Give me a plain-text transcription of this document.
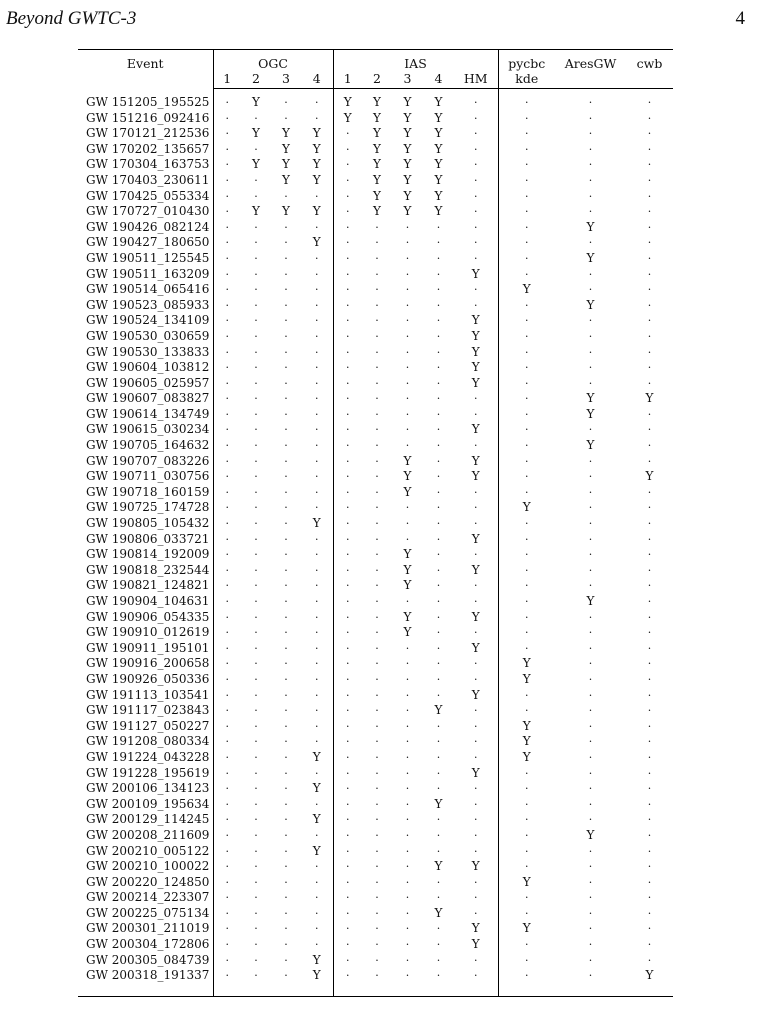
Beyond GWTC-3	4
Event	OGC				IAS					pycbc	AresGW	cwb
	1	2	3	4	1	2	3	4	HM	kde		

GW 151205_195525	·	Y	·	·	Y	Y	Y	Y	·	·	·	·
GW 151216_092416	·	·	·	·	Y	Y	Y	Y	·	·	·	·
GW 170121_212536	·	Y	Y	Y	·	Y	Y	Y	·	·	·	·
GW 170202_135657	·	·	Y	Y	·	Y	Y	Y	·	·	·	·
GW 170304_163753	·	Y	Y	Y	·	Y	Y	Y	·	·	·	·
GW 170403_230611	·	·	Y	Y	·	Y	Y	Y	·	·	·	·
GW 170425_055334	·	·	·	·	·	Y	Y	Y	·	·	·	·
GW 170727_010430	·	Y	Y	Y	·	Y	Y	Y	·	·	·	·
GW 190426_082124	·	·	·	·	·	·	·	·	·	·	Y	·
GW 190427_180650	·	·	·	Y	·	·	·	·	·	·	·	·
GW 190511_125545	·	·	·	·	·	·	·	·	·	·	Y	·
GW 190511_163209	·	·	·	·	·	·	·	·	Y	·	·	·
GW 190514_065416	·	·	·	·	·	·	·	·	·	Y	·	·
GW 190523_085933	·	·	·	·	·	·	·	·	·	·	Y	·
GW 190524_134109	·	·	·	·	·	·	·	·	Y	·	·	·
GW 190530_030659	·	·	·	·	·	·	·	·	Y	·	·	·
GW 190530_133833	·	·	·	·	·	·	·	·	Y	·	·	·
GW 190604_103812	·	·	·	·	·	·	·	·	Y	·	·	·
GW 190605_025957	·	·	·	·	·	·	·	·	Y	·	·	·
GW 190607_083827	·	·	·	·	·	·	·	·	·	·	Y	Y
GW 190614_134749	·	·	·	·	·	·	·	·	·	·	Y	·
GW 190615_030234	·	·	·	·	·	·	·	·	Y	·	·	·
GW 190705_164632	·	·	·	·	·	·	·	·	·	·	Y	·
GW 190707_083226	·	·	·	·	·	·	Y	·	Y	·	·	·
GW 190711_030756	·	·	·	·	·	·	Y	·	Y	·	·	Y
GW 190718_160159	·	·	·	·	·	·	Y	·	·	·	·	·
GW 190725_174728	·	·	·	·	·	·	·	·	·	Y	·	·
GW 190805_105432	·	·	·	Y	·	·	·	·	·	·	·	·
GW 190806_033721	·	·	·	·	·	·	·	·	Y	·	·	·
GW 190814_192009	·	·	·	·	·	·	Y	·	·	·	·	·
GW 190818_232544	·	·	·	·	·	·	Y	·	Y	·	·	·
GW 190821_124821	·	·	·	·	·	·	Y	·	·	·	·	·
GW 190904_104631	·	·	·	·	·	·	·	·	·	·	Y	·
GW 190906_054335	·	·	·	·	·	·	Y	·	Y	·	·	·
GW 190910_012619	·	·	·	·	·	·	Y	·	·	·	·	·
GW 190911_195101	·	·	·	·	·	·	·	·	Y	·	·	·
GW 190916_200658	·	·	·	·	·	·	·	·	·	Y	·	·
GW 190926_050336	·	·	·	·	·	·	·	·	·	Y	·	·
GW 191113_103541	·	·	·	·	·	·	·	·	Y	·	·	·
GW 191117_023843	·	·	·	·	·	·	·	Y	·	·	·	·
GW 191127_050227	·	·	·	·	·	·	·	·	·	Y	·	·
GW 191208_080334	·	·	·	·	·	·	·	·	·	Y	·	·
GW 191224_043228	·	·	·	Y	·	·	·	·	·	Y	·	·
GW 191228_195619	·	·	·	·	·	·	·	·	Y	·	·	·
GW 200106_134123	·	·	·	Y	·	·	·	·	·	·	·	·
GW 200109_195634	·	·	·	·	·	·	·	Y	·	·	·	·
GW 200129_114245	·	·	·	Y	·	·	·	·	·	·	·	·
GW 200208_211609	·	·	·	·	·	·	·	·	·	·	Y	·
GW 200210_005122	·	·	·	Y	·	·	·	·	·	·	·	·
GW 200210_100022	·	·	·	·	·	·	·	Y	Y	·	·	·
GW 200220_124850	·	·	·	·	·	·	·	·	·	Y	·	·
GW 200214_223307	·	·	·	·	·	·	·	·	·	·	·	·
GW 200225_075134	·	·	·	·	·	·	·	Y	·	·	·	·
GW 200301_211019	·	·	·	·	·	·	·	·	Y	Y	·	·
GW 200304_172806	·	·	·	·	·	·	·	·	Y	·	·	·
GW 200305_084739	·	·	·	Y	·	·	·	·	·	·	·	·
GW 200318_191337	·	·	·	Y	·	·	·	·	·	·	·	Y
